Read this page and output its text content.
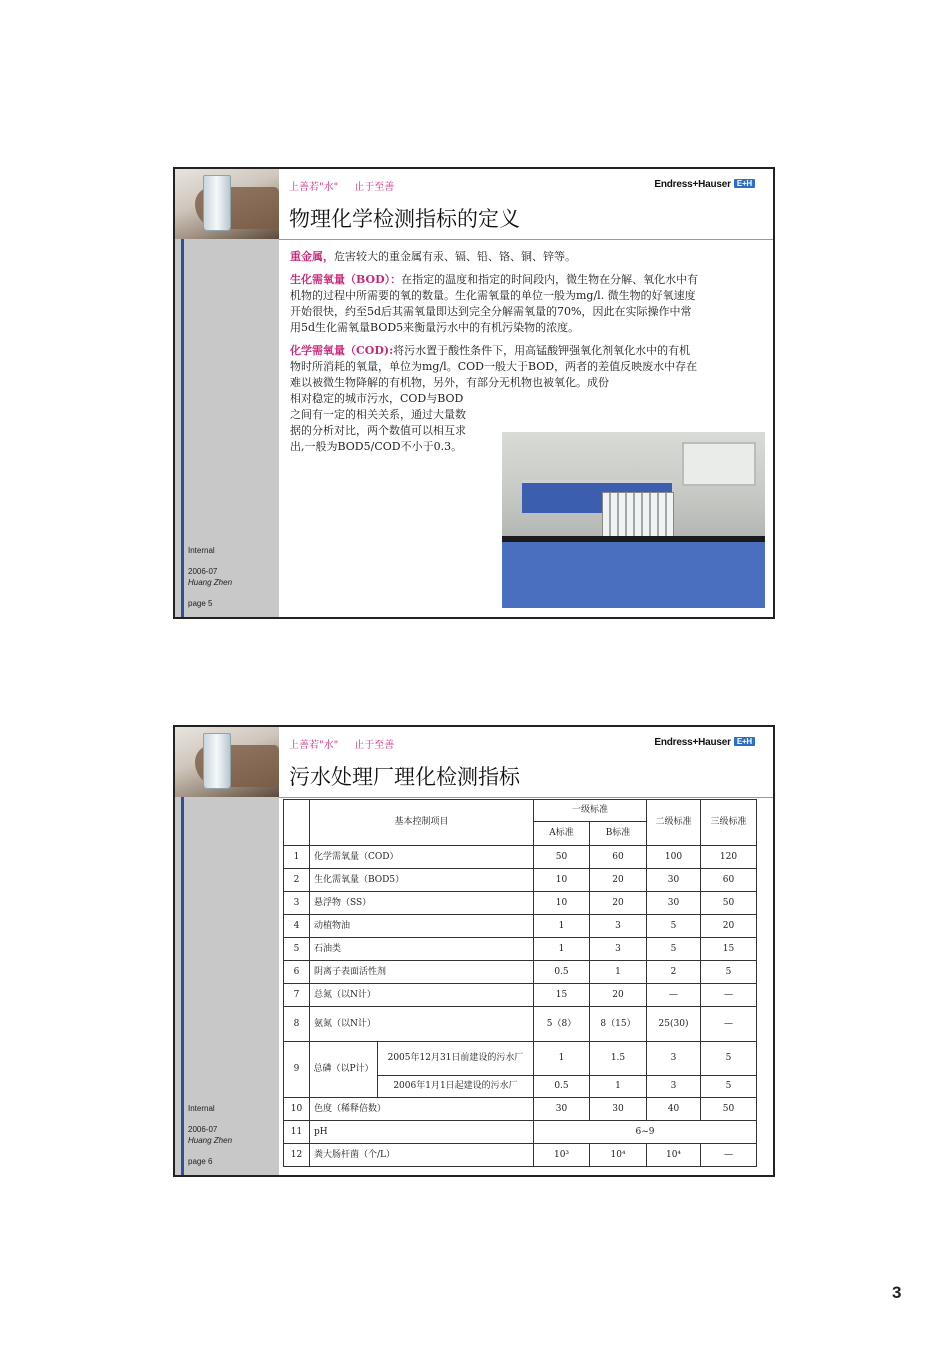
上善若"水" 止于至善	Endress+Hauser E+H
物理化学检测指标的定义
Internal
2006-07
Huang Zhen
page 5

重金属，危害较大的重金属有汞、镉、铅、铬、铜、锌等。

生化需氧量（BOD）：在指定的温度和指定的时间段内，微生物在分解、氧化水中有机物的过程中所需要的氧的数量。生化需氧量的单位一般为mg/l. 微生物的好氧速度开始很快，约至5d后其需氧量即达到完全分解需氧量的70%，因此在实际操作中常用5d生化需氧量BOD5来衡量污水中的有机污染物的浓度。

化学需氧量（COD):将污水置于酸性条件下，用高锰酸钾强氧化剂氧化水中的有机物时所消耗的氧量，单位为mg/l。COD一般大于BOD，两者的差值反映废水中存在难以被微生物降解的有机物，另外，有部分无机物也被氧化。成份

相对稳定的城市污水，COD与BOD之间有一定的相关关系，通过大量数据的分析对比，两个数值可以相互求出,一般为BOD5/COD不小于0.3。

上善若"水" 止于至善	Endress+Hauser E+H
污水处理厂理化检测指标
Internal
2006-07
Huang Zhen
page 6
	基本控制项目		一级标准		二级标准	三级标准
			A标准	B标准		
1	化学需氧量（COD）		50	60	100	120
2	生化需氧量（BOD5）		10	20	30	60
3	悬浮物（SS）		10	20	30	50
4	动植物油		1	3	5	20
5	石油类		1	3	5	15
6	阴离子表面活性剂		0.5	1	2	5
7	总氮（以N计）		15	20	—	—
8	氨氮（以N计）		5（8）	8（15）	25(30)	—
9	总磷（以P计）	2005年12月31日前建设的污水厂	1	1.5	3	5
		2006年1月1日起建设的污水厂	0.5	1	3	5
10	色度（稀释倍数）		30	30	40	50
11	pH		6~9			
12	粪大肠杆菌（个/L）		10³	10⁴	10⁴	—
3
